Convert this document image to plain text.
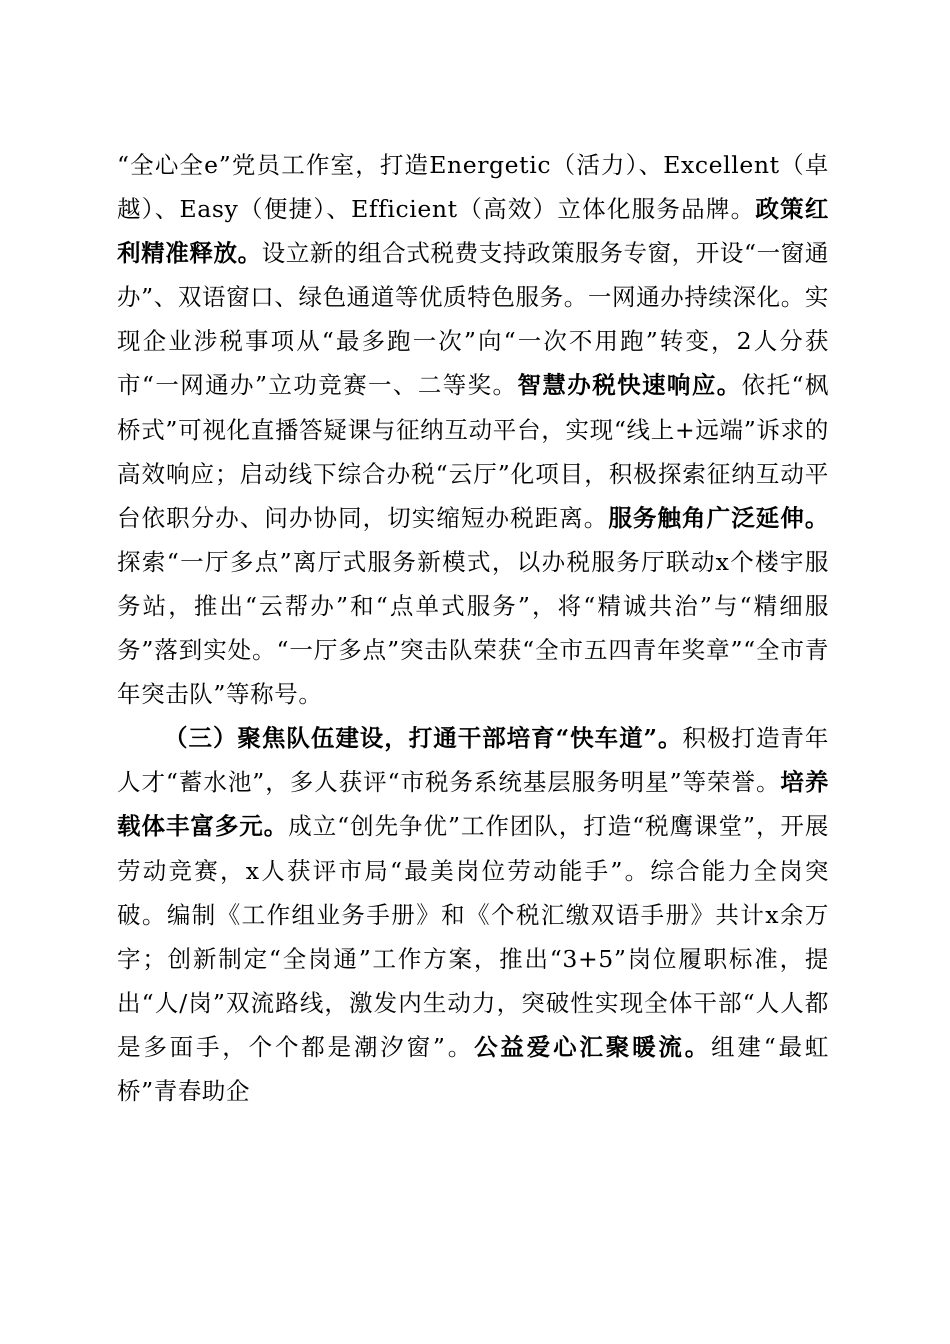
“全心全e”党员工作室，打造Energetic（活力）、Excellent（卓越）、Easy（便捷）、Efficient（高效）立体化服务品牌。政策红利精准释放。设立新的组合式税费支持政策服务专窗，开设“一窗通办”、双语窗口、绿色通道等优质特色服务。一网通办持续深化。实现企业涉税事项从“最多跑一次”向“一次不用跑”转变，2人分获市“一网通办”立功竞赛一、二等奖。智慧办税快速响应。依托“枫桥式”可视化直播答疑课与征纳互动平台，实现“线上+远端”诉求的高效响应；启动线下综合办税“云厅”化项目，积极探索征纳互动平台依职分办、问办协同，切实缩短办税距离。服务触角广泛延伸。探索“一厅多点”离厅式服务新模式，以办税服务厅联动x个楼宇服务站，推出“云帮办”和“点单式服务”，将“精诚共治”与“精细服务”落到实处。“一厅多点”突击队荣获“全市五四青年奖章”“全市青年突击队”等称号。

（三）聚焦队伍建设，打通干部培育“快车道”。积极打造青年人才“蓄水池”，多人获评“市税务系统基层服务明星”等荣誉。培养载体丰富多元。成立“创先争优”工作团队，打造“税鹰课堂”，开展劳动竞赛，x人获评市局“最美岗位劳动能手”。综合能力全岗突破。编制《工作组业务手册》和《个税汇缴双语手册》共计x余万字；创新制定“全岗通”工作方案，推出“3+5”岗位履职标准，提出“人/岗”双流路线，激发内生动力，突破性实现全体干部“人人都是多面手，个个都是潮汐窗”。公益爱心汇聚暖流。组建“最虹桥”青春助企
